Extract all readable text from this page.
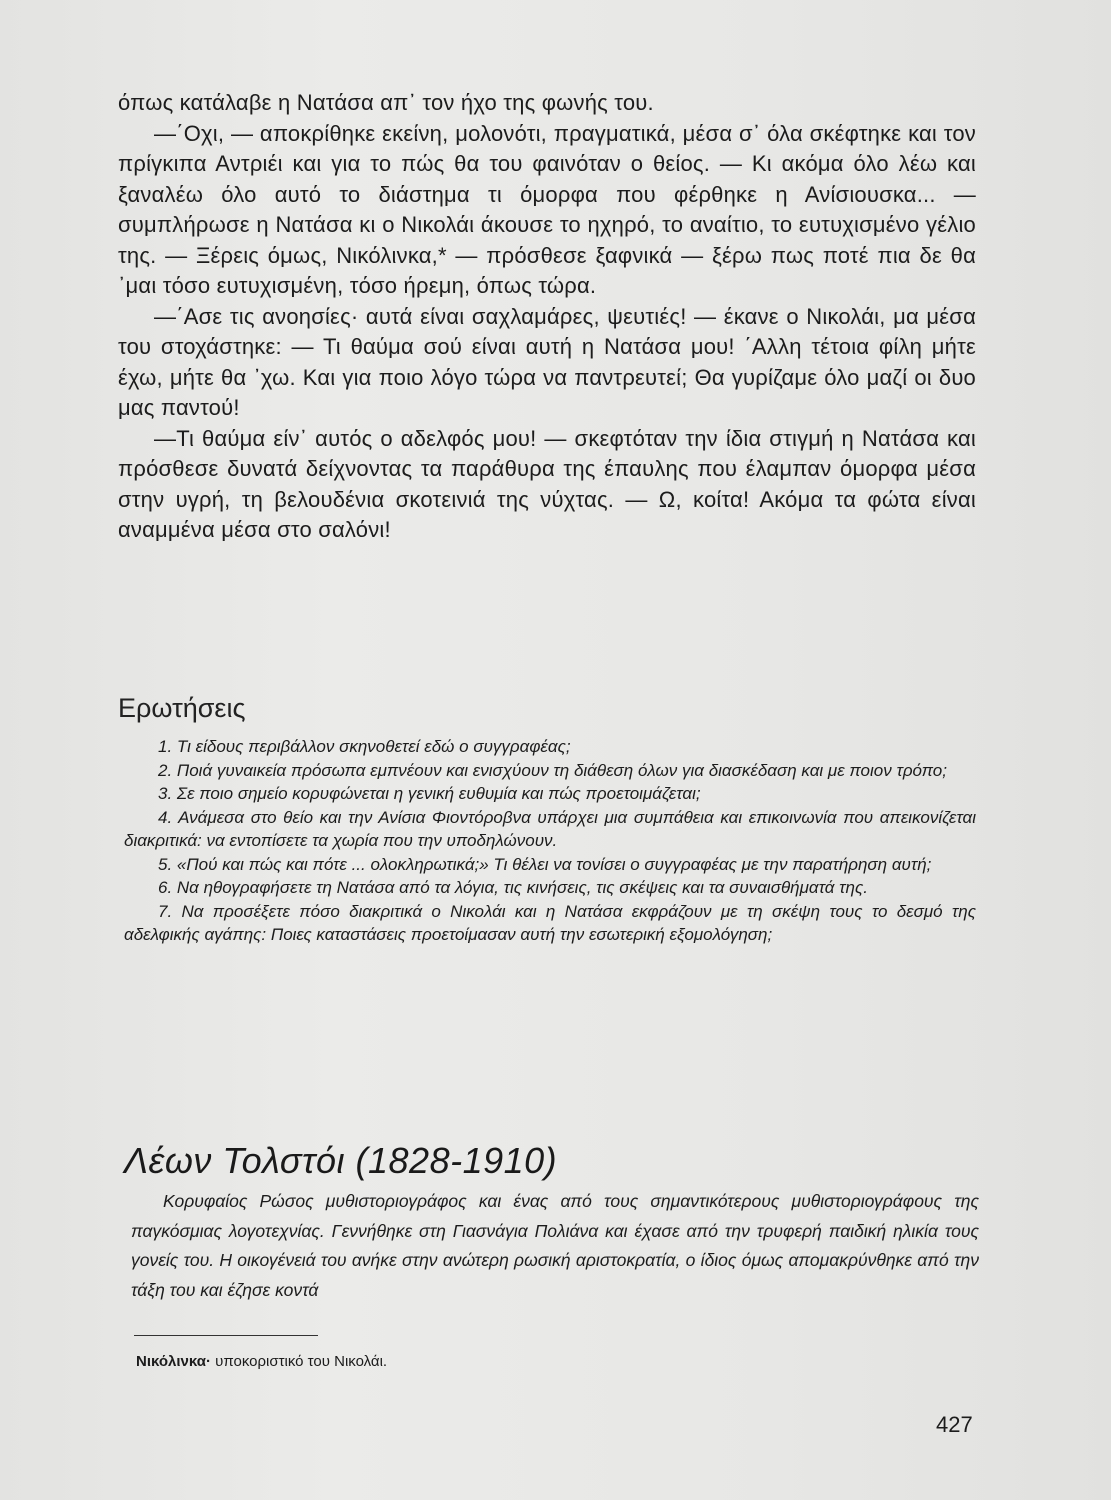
όπως κατάλαβε η Νατάσα απ᾽ τον ήχο της φωνής του.

—΄Οχι, — αποκρίθηκε εκείνη, μολονότι, πραγματικά, μέσα σ᾽ όλα σκέφτηκε και τον πρίγκιπα Αντριέι και για το πώς θα του φαινόταν ο θείος. — Κι ακόμα όλο λέω και ξαναλέω όλο αυτό το διάστημα τι όμορφα που φέρθηκε η Ανίσιουσκα... — συμπλήρωσε η Νατάσα κι ο Νικολάι άκουσε το ηχηρό, το αναίτιο, το ευτυχισμένο γέλιο της. — Ξέρεις όμως, Νικόλινκα,* — πρόσθεσε ξαφνικά — ξέρω πως ποτέ πια δε θα ᾽μαι τόσο ευτυχισμένη, τόσο ήρεμη, όπως τώρα.

—΄Ασε τις ανοησίες· αυτά είναι σαχλαμάρες, ψευτιές! — έκανε ο Νικολάι, μα μέσα του στοχάστηκε: — Τι θαύμα σού είναι αυτή η Νατάσα μου! ΄Αλλη τέτοια φίλη μήτε έχω, μήτε θα ᾽χω. Και για ποιο λόγο τώρα να παντρευτεί; Θα γυρίζαμε όλο μαζί οι δυο μας παντού!

—Τι θαύμα είν᾽ αυτός ο αδελφός μου! — σκεφτόταν την ίδια στιγμή η Νατάσα και πρόσθεσε δυνατά δείχνοντας τα παράθυρα της έπαυλης που έλαμπαν όμορφα μέσα στην υγρή, τη βελουδένια σκοτεινιά της νύχτας. — Ω, κοίτα! Ακόμα τα φώτα είναι αναμμένα μέσα στο σαλόνι!

Ερωτήσεις
1. Τι είδους περιβάλλον σκηνοθετεί εδώ ο συγγραφέας;
2. Ποιά γυναικεία πρόσωπα εμπνέουν και ενισχύουν τη διάθεση όλων για διασκέδαση και με ποιον τρόπο;
3. Σε ποιο σημείο κορυφώνεται η γενική ευθυμία και πώς προετοιμάζεται;
4. Ανάμεσα στο θείο και την Ανίσια Φιοντόροβνα υπάρχει μια συμπάθεια και επικοινωνία που απεικονίζεται διακριτικά: να εντοπίσετε τα χωρία που την υποδηλώνουν.
5. «Πού και πώς και πότε ... ολοκληρωτικά;» Τι θέλει να τονίσει ο συγγραφέας με την παρατήρηση αυτή;
6. Να ηθογραφήσετε τη Νατάσα από τα λόγια, τις κινήσεις, τις σκέψεις και τα συναισθήματά της.
7. Να προσέξετε πόσο διακριτικά ο Νικολάι και η Νατάσα εκφράζουν με τη σκέψη τους το δεσμό της αδελφικής αγάπης: Ποιες καταστάσεις προετοίμασαν αυτή την εσωτερική εξομολόγηση;
Λέων Τολστόι (1828-1910)

Κορυφαίος Ρώσος μυθιστοριογράφος και ένας από τους σημαντικότερους μυθιστοριογράφους της παγκόσμιας λογοτεχνίας. Γεννήθηκε στη Γιασνάγια Πολιάνα και έχασε από την τρυφερή παιδική ηλικία τους γονείς του. Η οικογένειά του ανήκε στην ανώτερη ρωσική αριστοκρατία, ο ίδιος όμως απομακρύνθηκε από την τάξη του και έζησε κοντά

Νικόλινκα· υποκοριστικό του Νικολάι.

427
